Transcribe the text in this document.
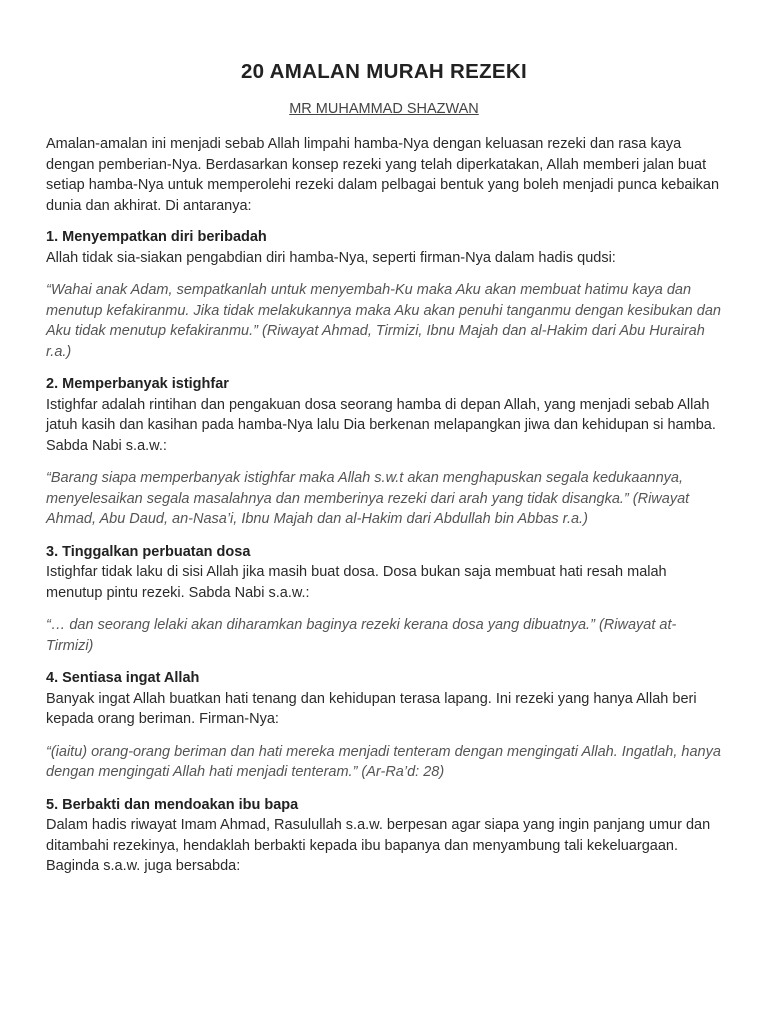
20 AMALAN MURAH REZEKI
MR MUHAMMAD SHAZWAN

Amalan-amalan ini menjadi sebab Allah limpahi hamba-Nya dengan keluasan rezeki dan rasa kaya dengan pemberian-Nya. Berdasarkan konsep rezeki yang telah diperkatakan, Allah memberi jalan buat setiap hamba-Nya untuk memperolehi rezeki dalam pelbagai bentuk yang boleh menjadi punca kebaikan dunia dan akhirat. Di antaranya:

1. Menyempatkan diri beribadah

Allah tidak sia-siakan pengabdian diri hamba-Nya, seperti firman-Nya dalam hadis qudsi:

“Wahai anak Adam, sempatkanlah untuk menyembah-Ku maka Aku akan membuat hatimu kaya dan menutup kefakiranmu. Jika tidak melakukannya maka Aku akan penuhi tanganmu dengan kesibukan dan Aku tidak menutup kefakiranmu.” (Riwayat Ahmad, Tirmizi, Ibnu Majah dan al-Hakim dari Abu Hurairah r.a.)

2. Memperbanyak istighfar

Istighfar adalah rintihan dan pengakuan dosa seorang hamba di depan Allah, yang menjadi sebab Allah jatuh kasih dan kasihan pada hamba-Nya lalu Dia berkenan melapangkan jiwa dan kehidupan si hamba. Sabda Nabi s.a.w.:

“Barang siapa memperbanyak istighfar maka Allah s.w.t akan menghapuskan segala kedukaannya, menyelesaikan segala masalahnya dan memberinya rezeki dari arah yang tidak disangka.” (Riwayat Ahmad, Abu Daud, an-Nasa’i, Ibnu Majah dan al-Hakim dari Abdullah bin Abbas r.a.)

3. Tinggalkan perbuatan dosa

Istighfar tidak laku di sisi Allah jika masih buat dosa. Dosa bukan saja membuat hati resah malah menutup pintu rezeki. Sabda Nabi s.a.w.:

“… dan seorang lelaki akan diharamkan baginya rezeki kerana dosa yang dibuatnya.” (Riwayat at-Tirmizi)

4. Sentiasa ingat Allah

Banyak ingat Allah buatkan hati tenang dan kehidupan terasa lapang. Ini rezeki yang hanya Allah beri kepada orang beriman. Firman-Nya:

“(iaitu) orang-orang beriman dan hati mereka menjadi tenteram dengan mengingati Allah. Ingatlah, hanya dengan mengingati Allah hati menjadi tenteram.” (Ar-Ra’d: 28)

5. Berbakti dan mendoakan ibu bapa

Dalam hadis riwayat Imam Ahmad, Rasulullah s.a.w. berpesan agar siapa yang ingin panjang umur dan ditambahi rezekinya, hendaklah berbakti kepada ibu bapanya dan menyambung tali kekeluargaan. Baginda s.a.w. juga bersabda:
